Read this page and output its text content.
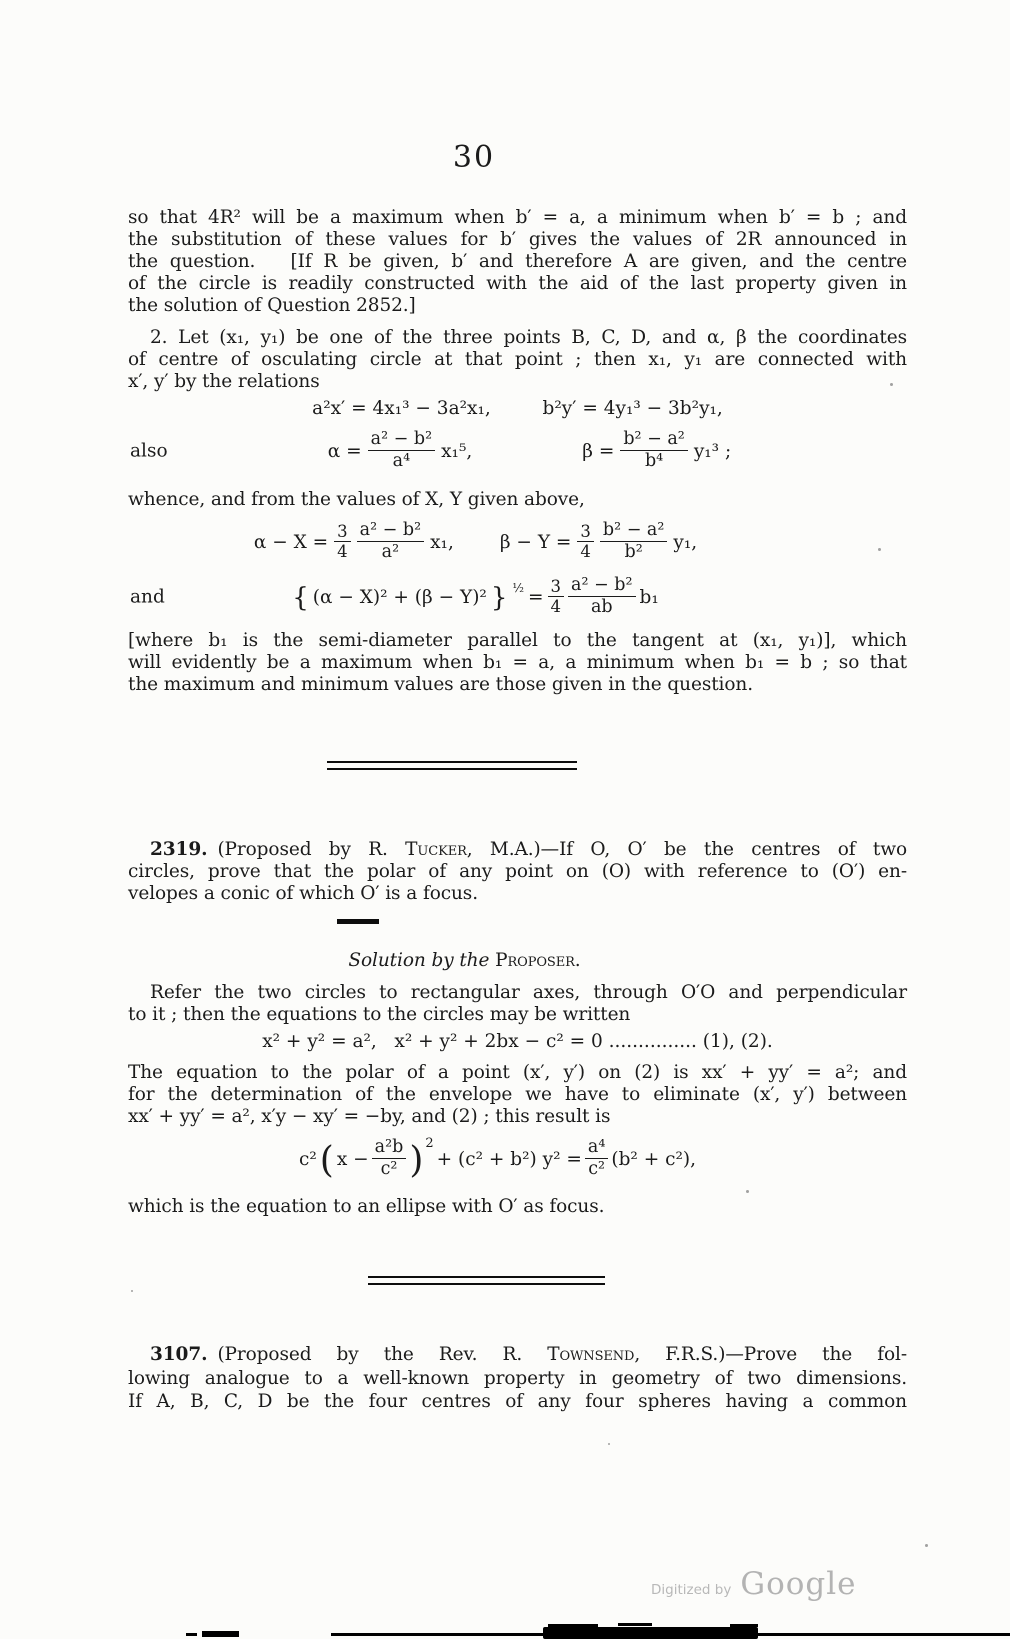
30
so that 4R² will be a maximum when b′ = a, a minimum when b′ = b ; and
the substitution of these values for b′ gives the values of 2R announced in
the question.   [If R be given, b′ and therefore A are given, and the centre
of the circle is readily constructed with the aid of the last property given in
the solution of Question 2852.]
2. Let (x₁, y₁) be one of the three points B, C, D, and α, β the coordinates
of centre of osculating circle at that point ; then x₁, y₁ are connected with
x′, y′ by the relations
a²x′ = 4x₁³ − 3a²x₁,	b²y′ = 4y₁³ − 3b²y₁,
also	$\alpha = \frac{\text{a² − b²}}{\text{a⁴}} x_1^5$,	$\beta = \frac{\text{b² − a²}}{\text{b⁴}} y_1^3$ ;
whence, and from the values of X, Y given above,
$\alpha - X = \frac{3}{4} \frac{\text{a² − b²}}{\text{a²}} x_1$, $\beta - Y = \frac{3}{4} \frac{\text{b² − a²}}{\text{b²}} y_1$,
and	{ (α − X)² + (β − Y)² } ½ = $\frac{3}{4} \frac{\text{a² − b²}}{ab} b_1$
[where b₁ is the semi-diameter parallel to the tangent at (x₁, y₁)], which
will evidently be a maximum when b₁ = a, a minimum when b₁ = b ; so that
the maximum and minimum values are those given in the question.
2319. (Proposed by R. Tucker, M.A.)—If O, O′ be the centres of two
circles, prove that the polar of any point on (O) with reference to (O′) en-
velopes a conic of which O′ is a focus.
Solution by the Proposer.
Refer the two circles to rectangular axes, through O′O and perpendicular
to it ; then the equations to the circles may be written
x² + y² = a²,   x² + y² + 2bx − c² = 0 ............... (1), (2).
The equation to the polar of a point (x′, y′) on (2) is xx′ + yy′ = a²; and
for the determination of the envelope we have to eliminate (x′, y′) between
xx′ + yy′ = a², x′y − xy′ = −by, and (2) ; this result is
c² ( $x - \frac{\text{a²b}}{\text{c²}}$ ) 2
+ (c² + b²) $y^2 = \frac{\text{a⁴}}{\text{c²}} (b^2 + c^2)$,
which is the equation to an ellipse with O′ as focus.
3107. (Proposed by the Rev. R. Townsend, F.R.S.)—Prove the fol-
lowing analogue to a well-known property in geometry of two dimensions.
If A, B, C, D be the four centres of any four spheres having a common
Digitized by Google
